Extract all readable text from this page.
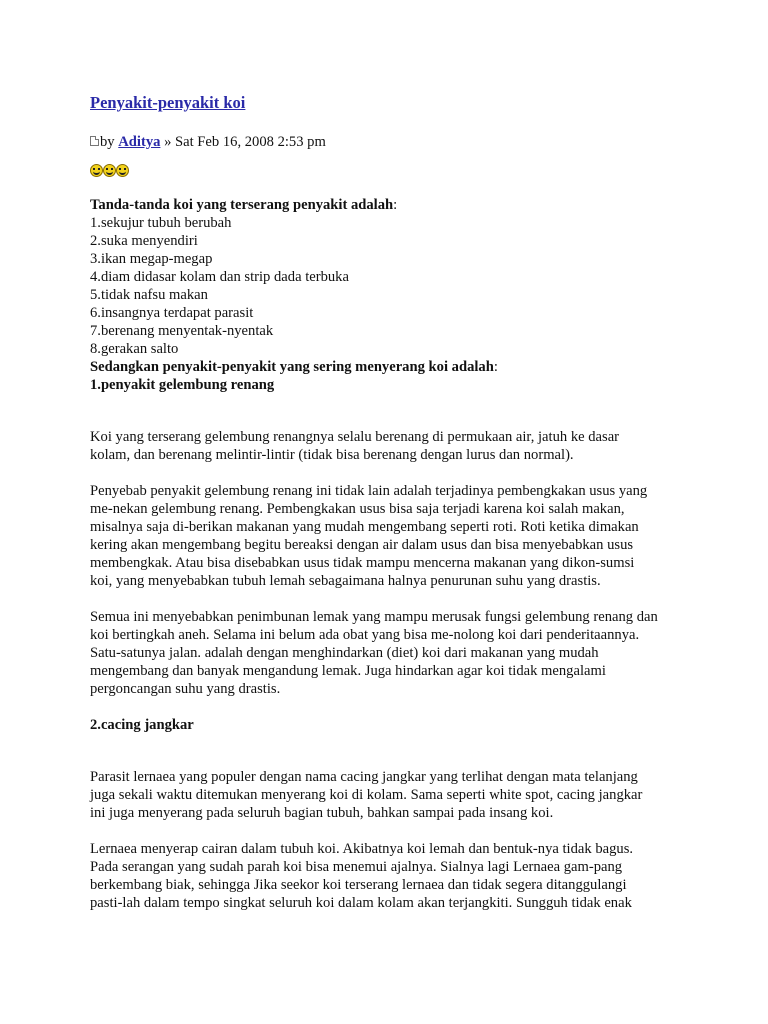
Penyakit-penyakit koi
by Aditya » Sat Feb 16, 2008 2:53 pm
Tanda-tanda koi yang terserang penyakit adalah:
1.sekujur tubuh berubah
2.suka menyendiri
3.ikan megap-megap
4.diam didasar kolam dan strip dada terbuka
5.tidak nafsu makan
6.insangnya terdapat parasit
7.berenang menyentak-nyentak
8.gerakan salto
Sedangkan penyakit-penyakit yang sering menyerang koi adalah:
1.penyakit gelembung renang
Koi yang terserang gelembung renangnya selalu berenang di permukaan air, jatuh ke dasar
kolam, dan berenang melintir-lintir (tidak bisa berenang dengan lurus dan normal).
Penyebab penyakit gelembung renang ini tidak lain adalah terjadinya pembengkakan usus yang
me-nekan gelembung renang. Pembengkakan usus bisa saja terjadi karena koi salah makan,
misalnya saja di-berikan makanan yang mudah mengembang seperti roti. Roti ketika dimakan
kering akan mengembang begitu bereaksi dengan air dalam usus dan bisa menyebabkan usus
membengkak. Atau bisa disebabkan usus tidak mampu mencerna makanan yang dikon-sumsi
koi, yang menyebabkan tubuh lemah sebagaimana halnya penurunan suhu yang drastis.
Semua ini menyebabkan penimbunan lemak yang mampu merusak fungsi gelembung renang dan
koi bertingkah aneh. Selama ini belum ada obat yang bisa me-nolong koi dari penderitaannya.
Satu-satunya jalan. adalah dengan menghindarkan (diet) koi dari makanan yang mudah
mengembang dan banyak mengandung lemak. Juga hindarkan agar koi tidak mengalami
pergoncangan suhu yang drastis.
2.cacing jangkar
Parasit lernaea yang populer dengan nama cacing jangkar yang terlihat dengan mata telanjang
juga sekali waktu ditemukan menyerang koi di kolam. Sama seperti white spot, cacing jangkar
ini juga menyerang pada seluruh bagian tubuh, bahkan sampai pada insang koi.
Lernaea menyerap cairan dalam tubuh koi. Akibatnya koi lemah dan bentuk-nya tidak bagus.
Pada serangan yang sudah parah koi bisa menemui ajalnya. Sialnya lagi Lernaea gam-pang
berkembang biak, sehingga Jika seekor koi terserang lernaea dan tidak segera ditanggulangi
pasti-lah dalam tempo singkat seluruh koi dalam kolam akan terjangkiti. Sungguh tidak enak
